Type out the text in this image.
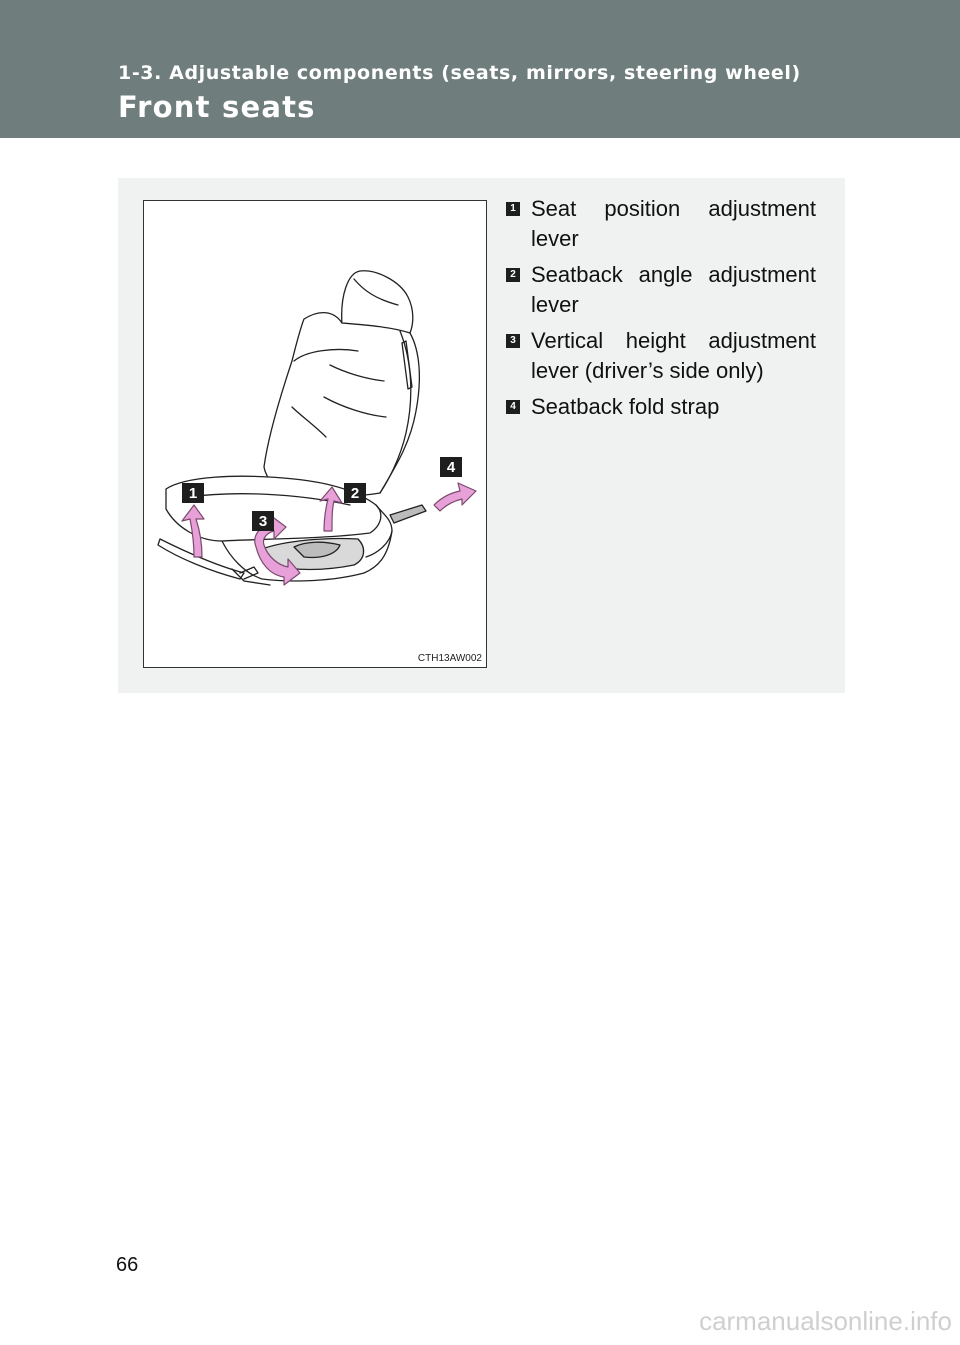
1-3. Adjustable components (seats, mirrors, steering wheel)
Front seats
1	2
3
4
CTH13AW002
1 Seat position adjustment lever
2 Seatback angle adjustment lever
3 Vertical height adjustment lever (driver’s side only)
4 Seatback fold strap
66
carmanualsonline.info
